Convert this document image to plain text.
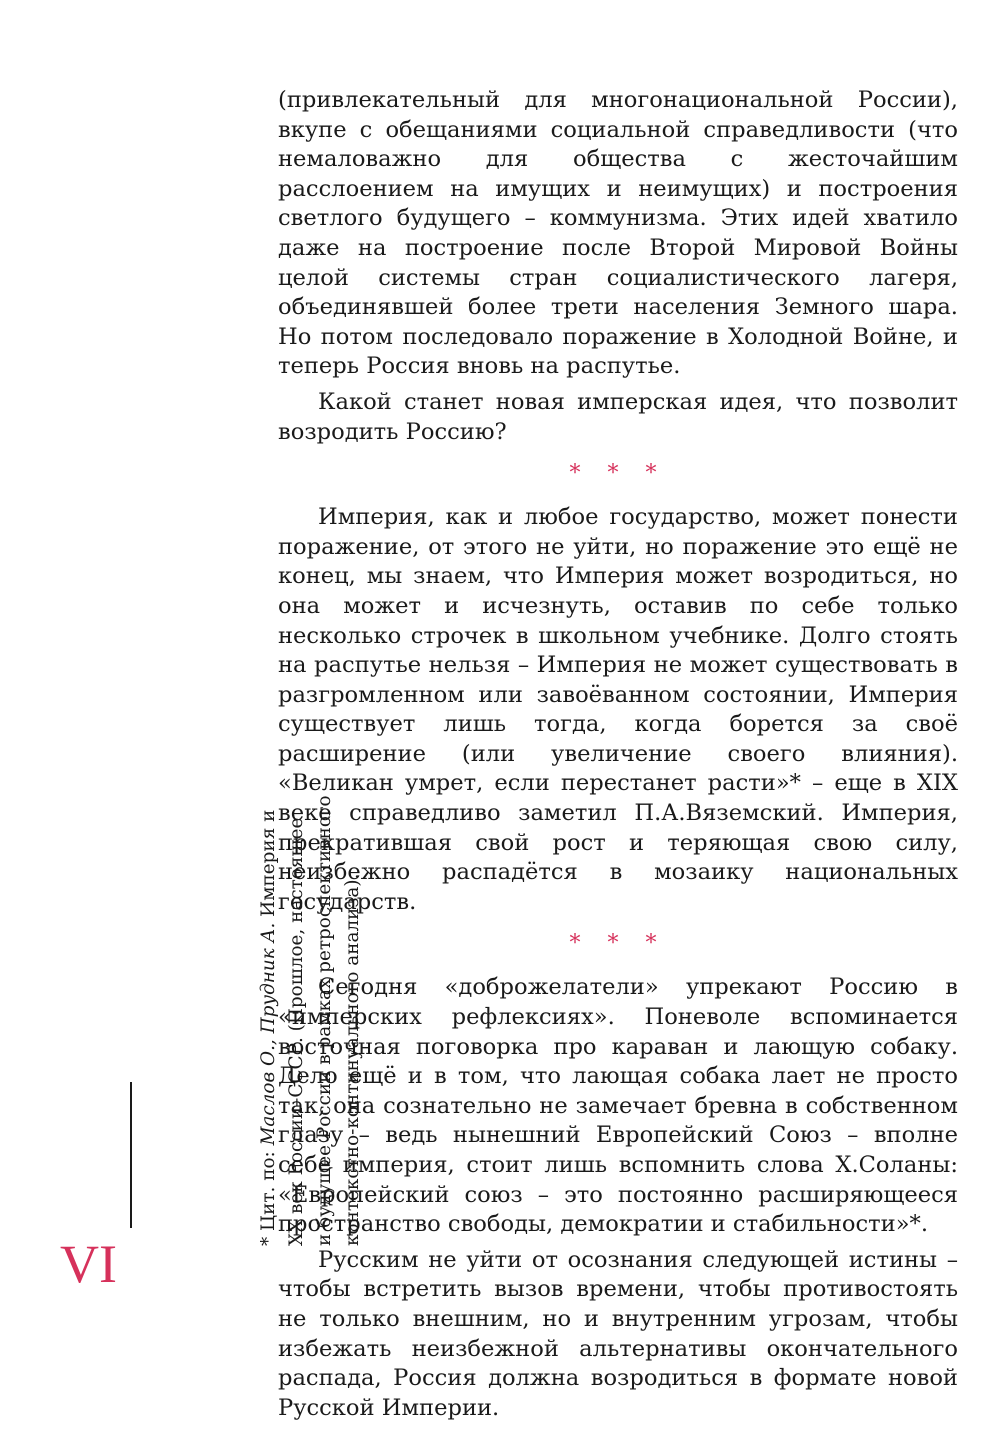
(привлекательный для многонациональной России), вкупе с обещаниями социальной справедливости (что немаловажно для общества с жесточайшим расслоением на имущих и неимущих) и построения светлого будущего – коммунизма. Этих идей хватило даже на построение после Второй Мировой Войны целой системы стран социалистического лагеря, объединявшей более трети населения Земного шара. Но потом последовало поражение в Холодной Войне, и теперь Россия вновь на распутье.

Какой станет новая имперская идея, что позволит возродить Россию?

* * *

Империя, как и любое государство, может понести поражение, от этого не уйти, но поражение это ещё не конец, мы знаем, что Империя может возродиться, но она может и исчезнуть, оставив по себе только несколько строчек в школьном учебнике. Долго стоять на распутье нельзя – Империя не может существовать в разгромленном или завоёванном состоянии, Империя существует лишь тогда, когда борется за своё расширение (или увеличение своего влияния). «Великан умрет, если перестанет расти»* – еще в XIX веке справедливо заметил П.А.Вяземский. Империя, прекратившая свой рост и теряющая свою силу, неизбежно распадётся в мозаику национальных государств.

* * *

Сегодня «доброжелатели» упрекают Россию в «имперских рефлексиях». Поневоле вспоминается восточная поговорка про караван и лающую собаку. Дело ещё и в том, что лающая собака лает не просто так, она сознательно не замечает бревна в собственном глазу – ведь нынешний Европейский Союз – вполне себе империя, стоит лишь вспомнить слова Х.Соланы: «Европейский союз – это постоянно расширяющееся пространство свободы, демократии и стабильности»*.

Русским не уйти от осознания следующей истины – чтобы встретить вызов времени, чтобы противостоять не только внешним, но и внутренним угрозам, чтобы избежать неизбежной альтернативы окончательного распада, Россия должна возродиться в формате новой Русской Империи.

* Цит. по: Маслов О., Прудник А. Империя и XX век России–СССР. (Прошлое, настоящее и будущее России в рамках ретроспективного контекстно-континуального анализа).
VI
